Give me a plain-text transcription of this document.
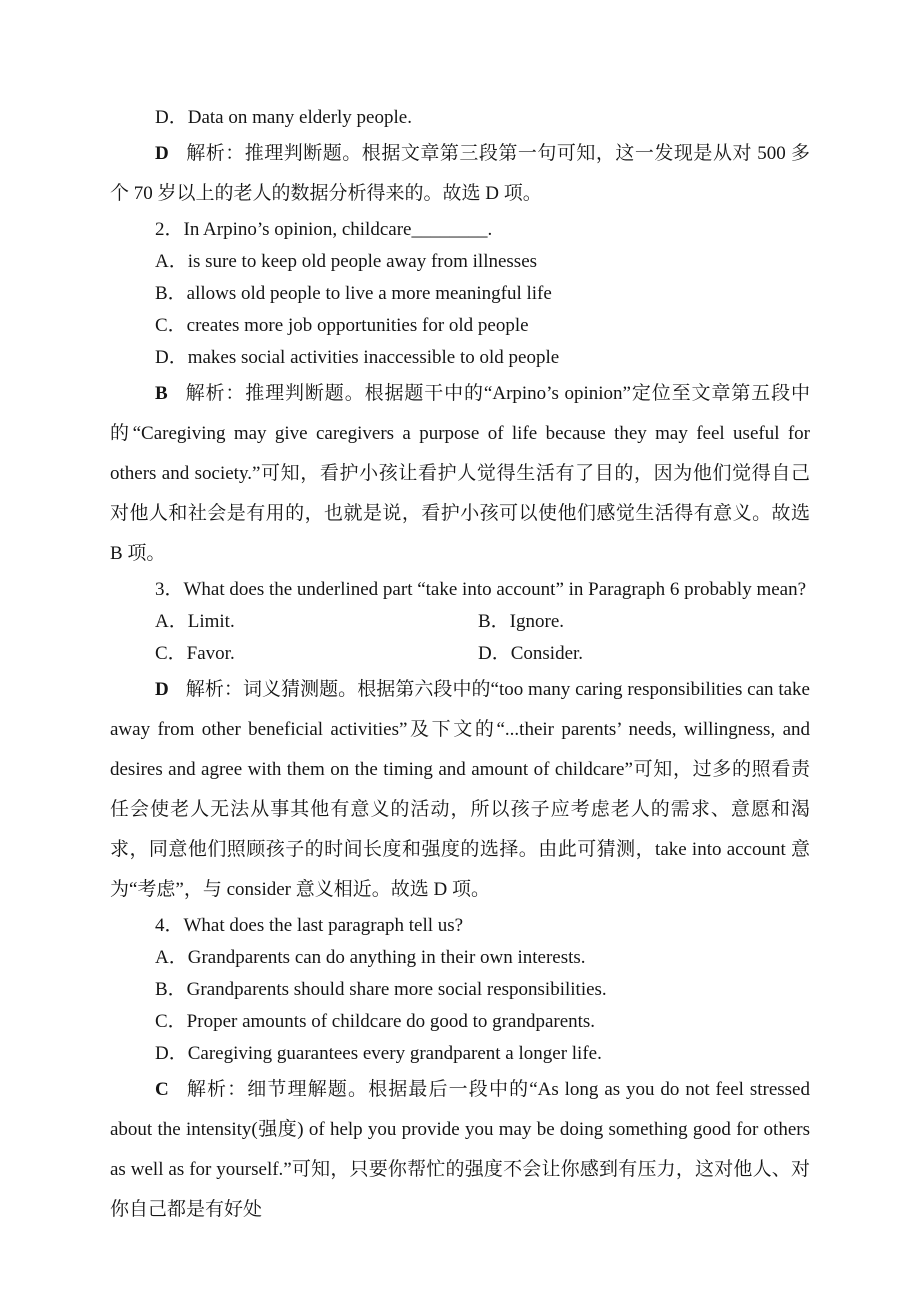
D．Data on many elderly people.

D 解析：推理判断题。根据文章第三段第一句可知，这一发现是从对 500 多个 70 岁以上的老人的数据分析得来的。故选 D 项。

2．In Arpino’s opinion, childcare________.

A．is sure to keep old people away from illnesses

B．allows old people to live a more meaningful life

C．creates more job opportunities for old people

D．makes social activities inaccessible to old people

B 解析：推理判断题。根据题干中的“Arpino’s opinion”定位至文章第五段中的“Caregiving may give caregivers a purpose of life because they may feel useful for others and society.”可知，看护小孩让看护人觉得生活有了目的，因为他们觉得自己对他人和社会是有用的，也就是说，看护小孩可以使他们感觉生活得有意义。故选 B 项。

3．What does the underlined part “take into account” in Paragraph 6 probably mean?

A．Limit.	B．Ignore.

C．Favor.	D．Consider.

D 解析：词义猜测题。根据第六段中的“too many caring responsibilities can take away from other beneficial activities”及下文的“...their parents’ needs, willingness, and desires and agree with them on the timing and amount of childcare”可知，过多的照看责任会使老人无法从事其他有意义的活动，所以孩子应考虑老人的需求、意愿和渴求，同意他们照顾孩子的时间长度和强度的选择。由此可猜测，take into account 意为“考虑”，与 consider 意义相近。故选 D 项。

4．What does the last paragraph tell us?

A．Grandparents can do anything in their own interests.

B．Grandparents should share more social responsibilities.

C．Proper amounts of childcare do good to grandparents.

D．Caregiving guarantees every grandparent a longer life.

C 解析：细节理解题。根据最后一段中的“As long as you do not feel stressed about the intensity(强度) of help you provide you may be doing something good for others as well as for yourself.”可知，只要你帮忙的强度不会让你感到有压力，这对他人、对你自己都是有好处
